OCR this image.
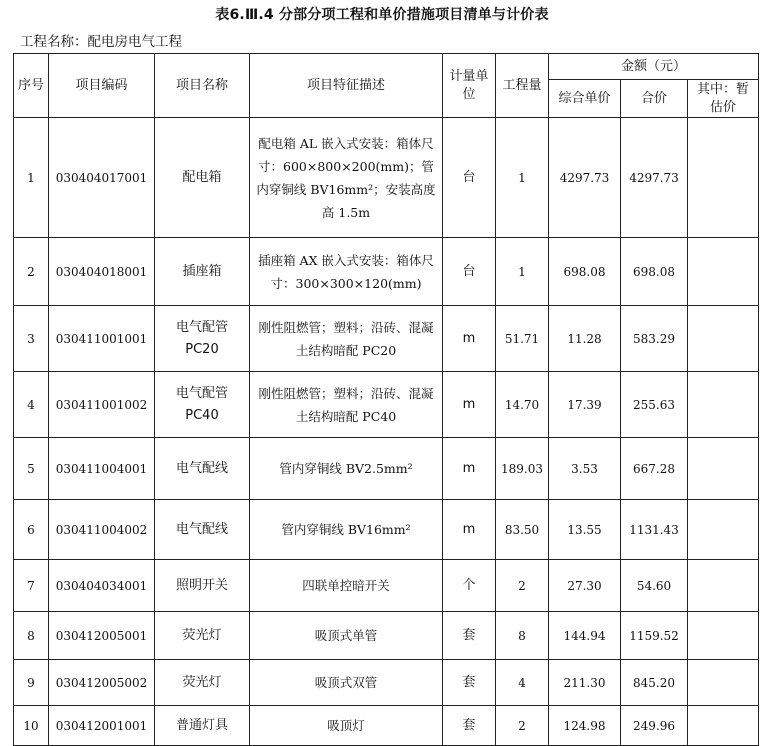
表6.Ⅲ.4 分部分项工程和单价措施项目清单与计价表
工程名称：配电房电气工程
序号	项目编码	项目名称	项目特征描述	计量单位	工程量	金额（元）		
						综合单价	合价	其中：暂估价
1	030404017001	配电箱	配电箱 AL 嵌入式安装：箱体尺寸：600×800×200(mm)；管内穿铜线 BV16mm²；安装高度高 1.5m	台	1	4297.73	4297.73	
2	030404018001	插座箱	插座箱 AX 嵌入式安装：箱体尺寸：300×300×120(mm)	台	1	698.08	698.08	
3	030411001001	电气配管 PC20	刚性阻燃管；塑料；沿砖、混凝土结构暗配 PC20	m	51.71	11.28	583.29	
4	030411001002	电气配管 PC40	刚性阻燃管；塑料；沿砖、混凝土结构暗配 PC40	m	14.70	17.39	255.63	
5	030411004001	电气配线	管内穿铜线 BV2.5mm²	m	189.03	3.53	667.28	
6	030411004002	电气配线	管内穿铜线 BV16mm²	m	83.50	13.55	1131.43	
7	030404034001	照明开关	四联单控暗开关	个	2	27.30	54.60	
8	030412005001	荧光灯	吸顶式单管	套	8	144.94	1159.52	
9	030412005002	荧光灯	吸顶式双管	套	4	211.30	845.20	
10	030412001001	普通灯具	吸顶灯	套	2	124.98	249.96	
